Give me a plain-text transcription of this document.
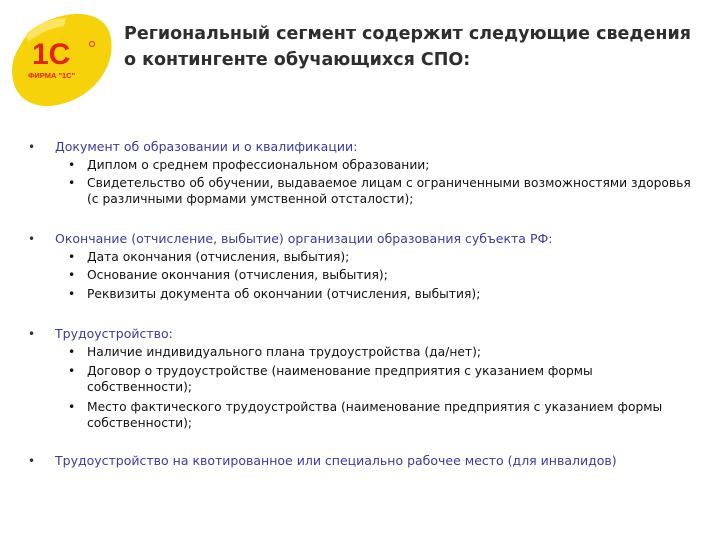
1С
ФИРМА "1С"
Региональный сегмент содержит следующие сведения
о контингенте обучающихся СПО:
• Документ об образовании и о квалификации:
• Диплом о среднем профессиональном образовании;
• Свидетельство об обучении, выдаваемое лицам с ограниченными возможностями здоровья (с различными формами умственной отсталости);
• Окончание (отчисление, выбытие) организации образования субъекта РФ:
• Дата окончания (отчисления, выбытия);
• Основание окончания (отчисления, выбытия);
• Реквизиты документа об окончании (отчисления, выбытия);
• Трудоустройство:
• Наличие индивидуального плана трудоустройства (да/нет);
• Договор о трудоустройстве (наименование предприятия с указанием формы собственности);
• Место фактического трудоустройства (наименование предприятия с указанием формы собственности);
• Трудоустройство на квотированное или специально рабочее место (для инвалидов)
